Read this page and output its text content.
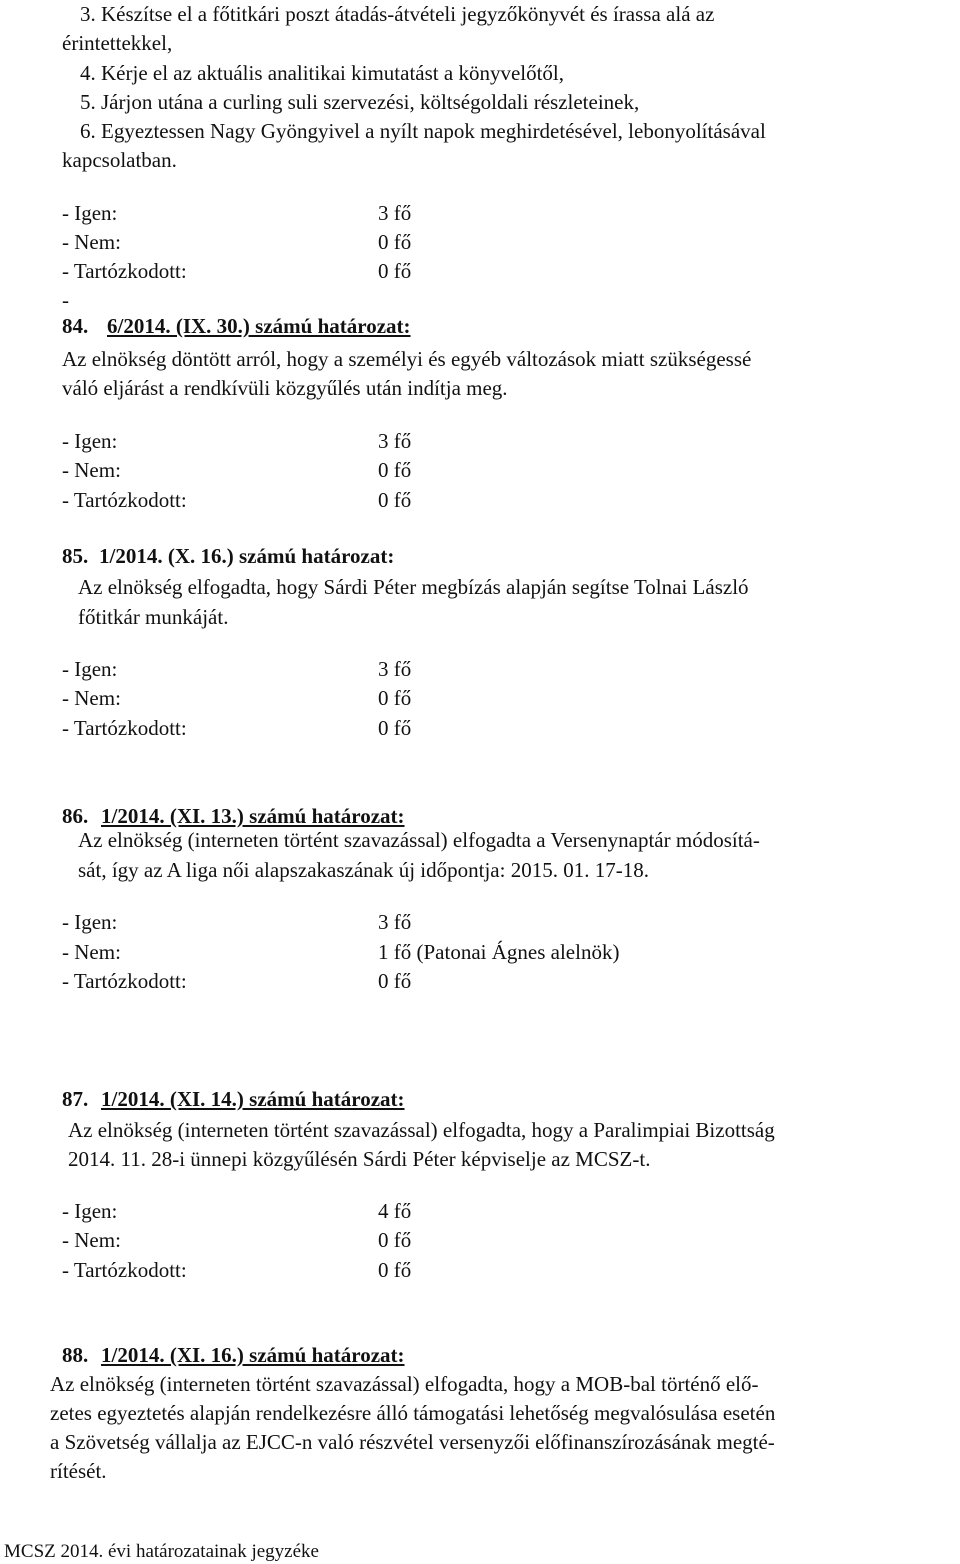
3. Készítse el a főtitkári poszt átadás-átvételi jegyzőkönyvét és írassa alá az
érintettekkel,
4. Kérje el az aktuális analitikai kimutatást a könyvelőtől,
5. Járjon utána a curling suli szervezési, költségoldali részleteinek,
6. Egyeztessen Nagy Gyöngyivel a nyílt napok meghirdetésével, lebonyolításával
kapcsolatban.
- Igen:	3 fő
- Nem:	0 fő
- Tartózkodott:	0 fő
-
84. 6/2014. (IX. 30.) számú határozat:
Az elnökség döntött arról, hogy a személyi és egyéb változások miatt szükségessé
váló eljárást a rendkívüli közgyűlés után indítja meg.
- Igen:	3 fő
- Nem:	0 fő
- Tartózkodott:	0 fő
85. 1/2014. (X. 16.) számú határozat:
Az elnökség elfogadta, hogy Sárdi Péter megbízás alapján segítse Tolnai László
főtitkár munkáját.
- Igen:	3 fő
- Nem:	0 fő
- Tartózkodott:	0 fő
86. 1/2014. (XI. 13.) számú határozat:
Az elnökség (interneten történt szavazással) elfogadta a Versenynaptár módosítá-
sát, így az A liga női alapszakaszának új időpontja: 2015. 01. 17-18.
- Igen:	3 fő
- Nem:	1 fő (Patonai Ágnes alelnök)
- Tartózkodott:	0 fő
87. 1/2014. (XI. 14.) számú határozat:
Az elnökség (interneten történt szavazással) elfogadta, hogy a Paralimpiai Bizottság
2014. 11. 28-i ünnepi közgyűlésén Sárdi Péter képviselje az MCSZ-t.
- Igen:	4 fő
- Nem:	0 fő
- Tartózkodott:	0 fő
88. 1/2014. (XI. 16.) számú határozat:
Az elnökség (interneten történt szavazással) elfogadta, hogy a MOB-bal történő elő-
zetes egyeztetés alapján rendelkezésre álló támogatási lehetőség megvalósulása esetén
a Szövetség vállalja az EJCC-n való részvétel versenyzői előfinanszírozásának megté-
rítését.
MCSZ 2014. évi határozatainak jegyzéke
